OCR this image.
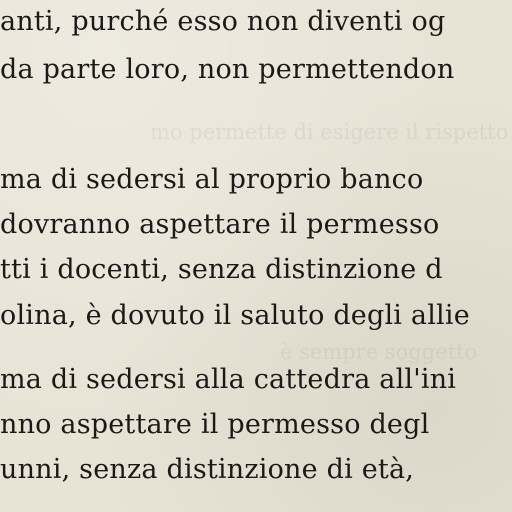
mo permette di esigere il rispetto
è sempre soggetto
anti, purché esso non diventi og
da parte loro, non permettendon
ma di sedersi al proprio banco
dovranno aspettare il permesso
tti i docenti, senza distinzione d
olina, è dovuto il saluto degli allie
ma di sedersi alla cattedra all'ini
nno aspettare il permesso degl
unni, senza distinzione di età,
